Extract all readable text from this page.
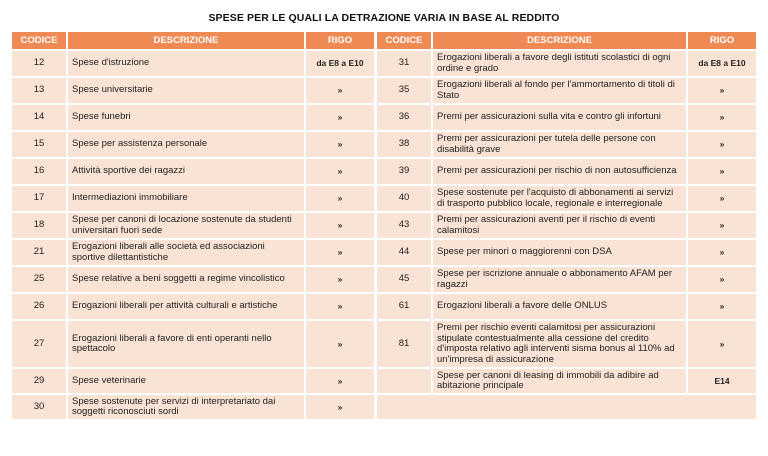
SPESE PER LE QUALI LA DETRAZIONE VARIA IN BASE AL REDDITO
CODICE	DESCRIZIONE	RIGO
12	Spese d'istruzione	da E8 a E10
13	Spese universitarie	»
14	Spese funebri	»
15	Spese per assistenza personale	»
16	Attività sportive dei ragazzi	»
17	Intermediazioni immobiliare	»
18	Spese per canoni di locazione sostenute da studenti universitari fuori sede	»
21	Erogazioni liberali alle società ed associazioni sportive dilettantistiche	»
25	Spese relative a beni soggetti a regime vincolistico	»
26	Erogazioni liberali per attività culturali e artistiche	»
27	Erogazioni liberali a favore di enti operanti nello spettacolo	»
29	Spese veterinarie	»
30	Spese sostenute per servizi di interpretariato dai soggetti riconosciuti sordi	»
CODICE	DESCRIZIONE	RIGO
31	Erogazioni liberali a favore degli istituti scolastici di ogni ordine e grado	da E8 a E10
35	Erogazioni liberali al fondo per l'ammortamento di titoli di Stato	»
36	Premi per assicurazioni sulla vita e contro gli infortuni	»
38	Premi per assicurazioni per tutela delle persone con disabilità grave	»
39	Premi per assicurazioni per rischio di non autosufficienza	»
40	Spese sostenute per l'acquisto di abbonamenti ai servizi di trasporto pubblico locale, regionale e interregionale	»
43	Premi per assicurazioni aventi per il rischio di eventi calamitosi	»
44	Spese per minori o maggiorenni con DSA	»
45	Spese per iscrizione annuale o abbonamento AFAM per ragazzi	»
61	Erogazioni liberali a favore delle ONLUS	»
81	Premi per rischio eventi calamitosi per assicurazioni stipulate contestualmente alla cessione del credito d'imposta relativo agli interventi sisma bonus al 110% ad un'impresa di assicurazione	»
	Spese per canoni di leasing di immobili da adibire ad abitazione principale	E14
